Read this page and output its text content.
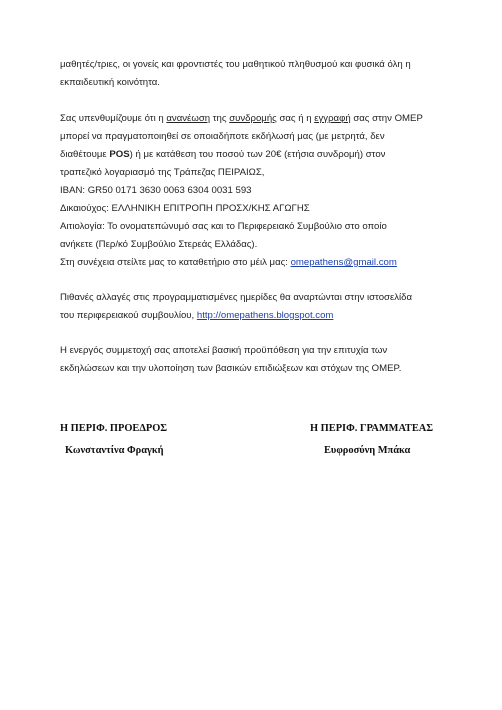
μαθητές/τριες, οι γονείς και φροντιστές του μαθητικού πληθυσμού και φυσικά όλη η

εκπαιδευτική κοινότητα.

Σας υπενθυμίζουμε ότι η ανανέωση της συνδρομής σας ή η εγγραφή σας στην ΟΜΕΡ

μπορεί να πραγματοποιηθεί σε οποιαδήποτε εκδήλωσή μας (με μετρητά, δεν

διαθέτουμε POS) ή με κατάθεση του ποσού των 20€ (ετήσια συνδρομή) στον

τραπεζικό λογαριασμό της Τράπεζας ΠΕΙΡΑΙΩΣ,

IBAN: GR50 0171 3630 0063 6304 0031 593

Δικαιούχος: ΕΛΛΗΝΙΚΗ ΕΠΙΤΡΟΠΗ ΠΡΟΣΧ/ΚΗΣ ΑΓΩΓΗΣ

Αιτιολογία: Το ονοματεπώνυμό σας και το Περιφερειακό Συμβούλιο στο οποίο

ανήκετε (Περ/κό Συμβούλιο Στερεάς Ελλάδας).

Στη συνέχεια στείλτε μας το καταθετήριο στο μέιλ μας: omepathens@gmail.com

Πιθανές αλλαγές στις προγραμματισμένες ημερίδες θα αναρτώνται στην ιστοσελίδα

του περιφερειακού συμβουλίου, http://omepathens.blogspot.com

Η ενεργός συμμετοχή σας αποτελεί βασική προϋπόθεση για την επιτυχία των

εκδηλώσεων και την υλοποίηση των βασικών επιδιώξεων και στόχων της ΟΜΕΡ.

Η ΠΕΡΙΦ. ΠΡΟΕΔΡΟΣ
Κωνσταντίνα Φραγκή
Η ΠΕΡΙΦ. ΓΡΑΜΜΑΤΕΑΣ
Ευφροσύνη Μπάκα
